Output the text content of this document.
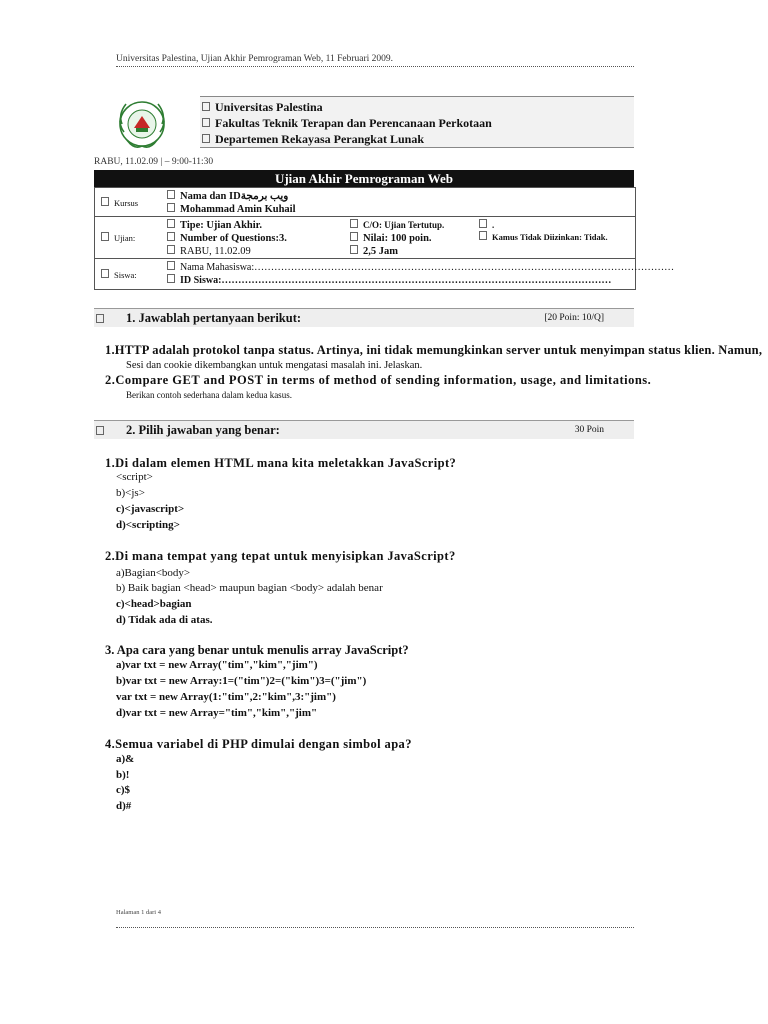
Universitas Palestina, Ujian Akhir Pemrograman Web, 11 Februari 2009.
Universitas Palestina
Fakultas Teknik Terapan dan Perencanaan Perkotaan
Departemen Rekayasa Perangkat Lunak
RABU, 11.02.09 | – 9:00-11:30
Ujian Akhir Pemrograman Web
Kursus
Nama dan IDويب برمجة
Mohammad Amin Kuhail
Ujian:
Tipe: Ujian Akhir.
Number of Questions:3.
RABU, 11.02.09
C/O: Ujian Tertutup.
Nilai: 100 poin.
2,5 Jam
.
Kamus Tidak Diizinkan: Tidak.
Siswa:
Nama Mahasiswa:………………………………………………………………………………………………………………
ID Siswa:………………………………………………………………………………………………………
1. Jawablah pertanyaan berikut:	[20 Poin: 10/Q]
1.HTTP adalah protokol tanpa status. Artinya, ini tidak memungkinkan server untuk menyimpan status klien. Namun,
Sesi dan cookie dikembangkan untuk mengatasi masalah ini. Jelaskan.
2.Compare GET and POST in terms of method of sending information, usage, and limitations.
Berikan contoh sederhana dalam kedua kasus.
2. Pilih jawaban yang benar:	30 Poin
1.Di dalam elemen HTML mana kita meletakkan JavaScript?
<script>
b)<js>
c)<javascript>
d)<scripting>
2.Di mana tempat yang tepat untuk menyisipkan JavaScript?
a)Bagian<body>
b) Baik bagian <head> maupun bagian <body> adalah benar
c)<head>bagian
d) Tidak ada di atas.
3. Apa cara yang benar untuk menulis array JavaScript?
a)var txt = new Array("tim","kim","jim")
b)var txt = new Array:1=("tim")2=("kim")3=("jim")
var txt = new Array(1:"tim",2:"kim",3:"jim")
d)var txt = new Array="tim","kim","jim"
4.Semua variabel di PHP dimulai dengan simbol apa?
a)&
b)!
c)$
d)#
Halaman 1 dari 4
